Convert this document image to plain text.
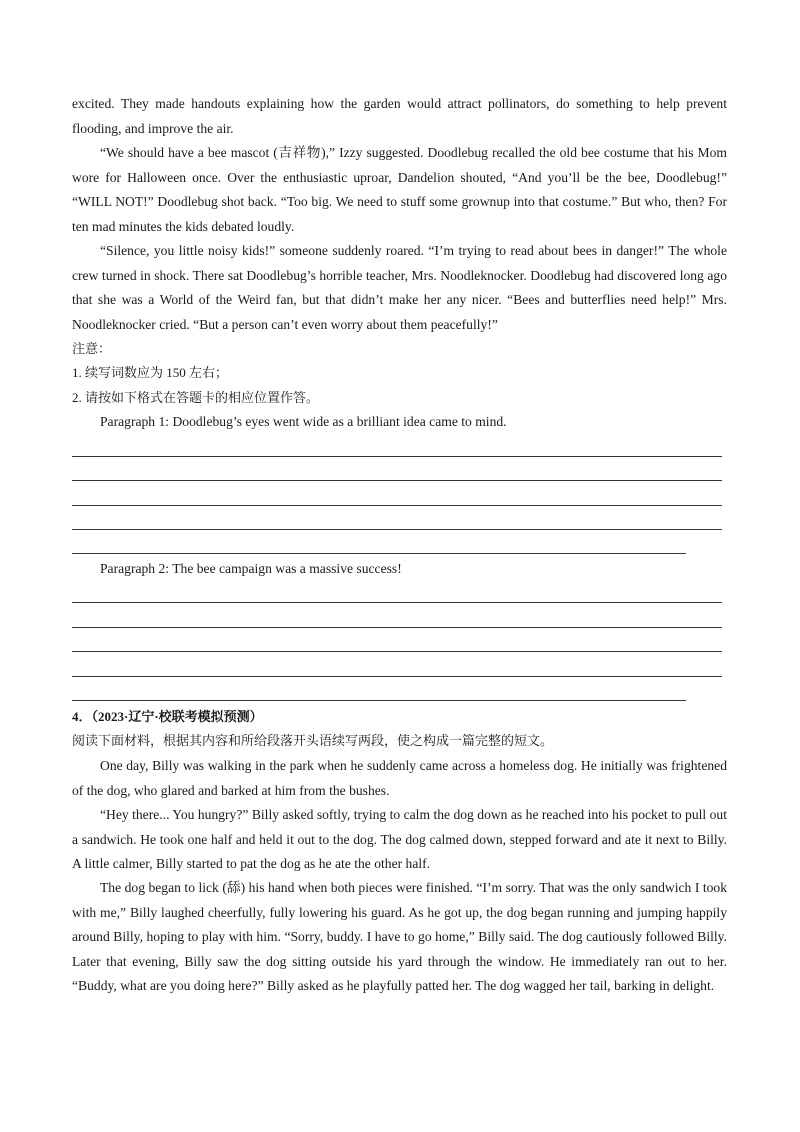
excited. They made handouts explaining how the garden would attract pollinators, do something to help prevent flooding, and improve the air.
“We should have a bee mascot (吉祥物),” Izzy suggested. Doodlebug recalled the old bee costume that his Mom wore for Halloween once. Over the enthusiastic uproar, Dandelion shouted, “And you’ll be the bee, Doodlebug!” “WILL NOT!” Doodlebug shot back. “Too big. We need to stuff some grownup into that costume.” But who, then? For ten mad minutes the kids debated loudly.
“Silence, you little noisy kids!” someone suddenly roared. “I’m trying to read about bees in danger!” The whole crew turned in shock. There sat Doodlebug’s horrible teacher, Mrs. Noodleknocker. Doodlebug had discovered long ago that she was a World of the Weird fan, but that didn’t make her any nicer. “Bees and butterflies need help!” Mrs. Noodleknocker cried. “But a person can’t even worry about them peacefully!”
注意：
1. 续写词数应为 150 左右；
2. 请按如下格式在答题卡的相应位置作答。
Paragraph 1: Doodlebug’s eyes went wide as a brilliant idea came to mind.
Paragraph 2: The bee campaign was a massive success!
4．（2023·辽宁·校联考模拟预测）
阅读下面材料，根据其内容和所给段落开头语续写两段，使之构成一篇完整的短文。
One day, Billy was walking in the park when he suddenly came across a homeless dog. He initially was frightened of the dog, who glared and barked at him from the bushes.
“Hey there... You hungry?” Billy asked softly, trying to calm the dog down as he reached into his pocket to pull out a sandwich. He took one half and held it out to the dog. The dog calmed down, stepped forward and ate it next to Billy. A little calmer, Billy started to pat the dog as he ate the other half.
The dog began to lick (舔) his hand when both pieces were finished. “I’m sorry. That was the only sandwich I took with me,” Billy laughed cheerfully, fully lowering his guard. As he got up, the dog began running and jumping happily around Billy, hoping to play with him. “Sorry, buddy. I have to go home,” Billy said. The dog cautiously followed Billy. Later that evening, Billy saw the dog sitting outside his yard through the window. He immediately ran out to her. “Buddy, what are you doing here?” Billy asked as he playfully patted her. The dog wagged her tail, barking in delight.
